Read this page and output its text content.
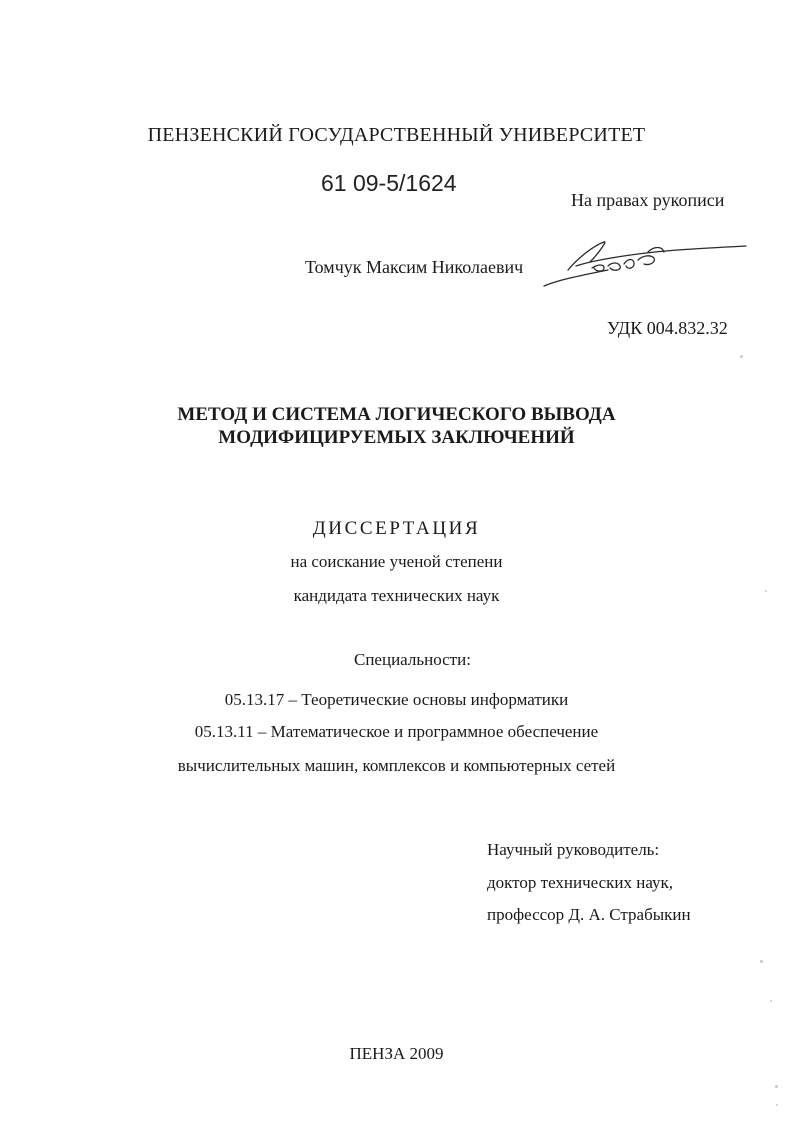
ПЕНЗЕНСКИЙ ГОСУДАРСТВЕННЫЙ УНИВЕРСИТЕТ
61 09-5/1624
На правах рукописи
Томчук Максим Николаевич
УДК 004.832.32
МЕТОД И СИСТЕМА ЛОГИЧЕСКОГО ВЫВОДА
МОДИФИЦИРУЕМЫХ ЗАКЛЮЧЕНИЙ
ДИССЕРТАЦИЯ
на соискание ученой степени
кандидата технических наук
Специальности:
05.13.17 – Теоретические основы информатики
05.13.11 – Математическое и программное обеспечение
вычислительных машин, комплексов и компьютерных сетей
Научный руководитель:
доктор технических наук,
профессор Д. А. Страбыкин
ПЕНЗА 2009
